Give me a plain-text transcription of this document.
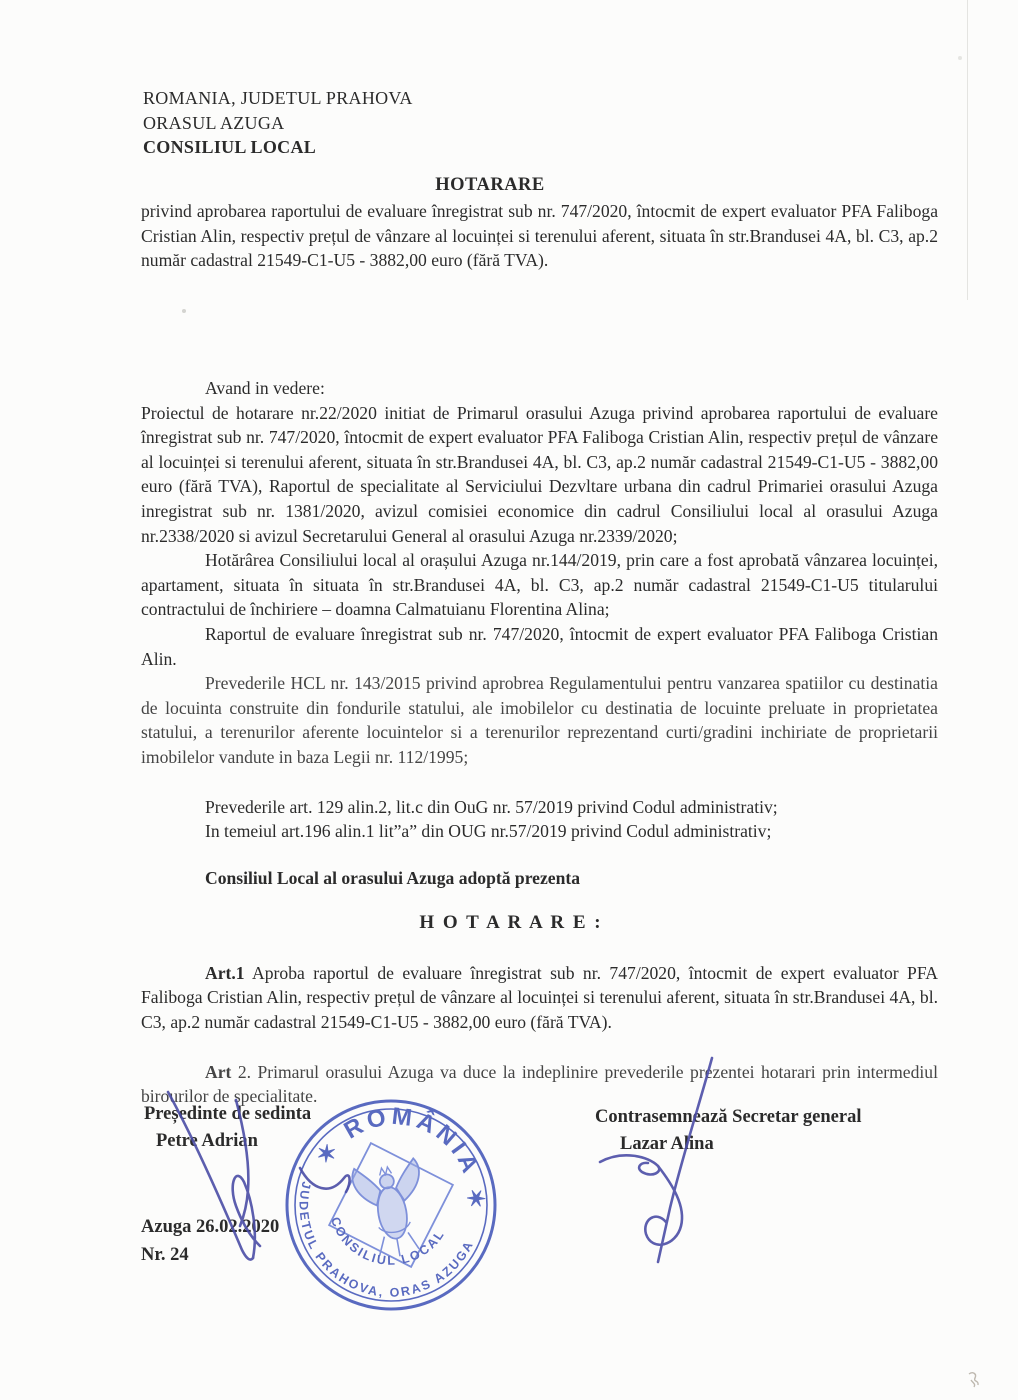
ROMANIA, JUDETUL PRAHOVA
ORASUL AZUGA
CONSILIUL LOCAL
HOTARARE
privind aprobarea raportului de evaluare înregistrat sub nr. 747/2020, întocmit de expert evaluator PFA Faliboga Cristian Alin, respectiv prețul de vânzare al locuinței si terenului aferent, situata în str.Brandusei 4A, bl. C3, ap.2 număr cadastral 21549-C1-U5 - 3882,00 euro (fără TVA).

Avand in vedere:

Proiectul de hotarare nr.22/2020 initiat de Primarul orasului Azuga privind aprobarea raportului de evaluare înregistrat sub nr. 747/2020, întocmit de expert evaluator PFA Faliboga Cristian Alin, respectiv prețul de vânzare al locuinței si terenului aferent, situata în str.Brandusei 4A, bl. C3, ap.2 număr cadastral 21549-C1-U5 - 3882,00 euro (fără TVA), Raportul de specialitate al Serviciului Dezvltare urbana din cadrul Primariei orasului Azuga inregistrat sub nr. 1381/2020, avizul comisiei economice din cadrul Consiliului local al orasului Azuga nr.2338/2020 si avizul Secretarului General al orasului Azuga nr.2339/2020;

Hotărârea Consiliului local al orașului Azuga nr.144/2019, prin care a fost aprobată vânzarea locuinței, apartament, situata în situata în str.Brandusei 4A, bl. C3, ap.2 număr cadastral 21549-C1-U5 titularului contractului de închiriere – doamna Calmatuianu Florentina Alina;

Raportul de evaluare înregistrat sub nr. 747/2020, întocmit de expert evaluator PFA Faliboga Cristian Alin.

Prevederile HCL nr. 143/2015 privind aprobrea Regulamentului pentru vanzarea spatiilor cu destinatia de locuinta construite din fondurile statului, ale imobilelor cu destinatia de locuinte preluate in proprietatea statului, a terenurilor aferente locuintelor si a terenurilor reprezentand curti/gradini inchiriate de proprietarii imobilelor vandute in baza Legii nr. 112/1995;

Prevederile art. 129 alin.2, lit.c din OuG nr. 57/2019 privind Codul administrativ;

In temeiul art.196 alin.1 lit”a” din OUG nr.57/2019 privind Codul administrativ;

Consiliul Local al orasului Azuga adoptă prezenta

H O T A R A R E :

Art.1 Aproba raportul de evaluare înregistrat sub nr. 747/2020, întocmit de expert evaluator PFA Faliboga Cristian Alin, respectiv prețul de vânzare al locuinței si terenului aferent, situata în str.Brandusei 4A, bl. C3, ap.2 număr cadastral 21549-C1-U5 - 3882,00 euro (fără TVA).

Art 2. Primarul orasului Azuga va duce la indeplinire prevederile prezentei hotarari prin intermediul birourilor de specialitate.

Președinte de sedinta
Petre Adrian
Contrasemnează Secretar general
Lazar Alina
Azuga 26.02.2020
Nr. 24
✶ ROMÂNIA ✶
JUDETUL PRAHOVA, ORAS AZUGA
CONSILIUL LOCAL
